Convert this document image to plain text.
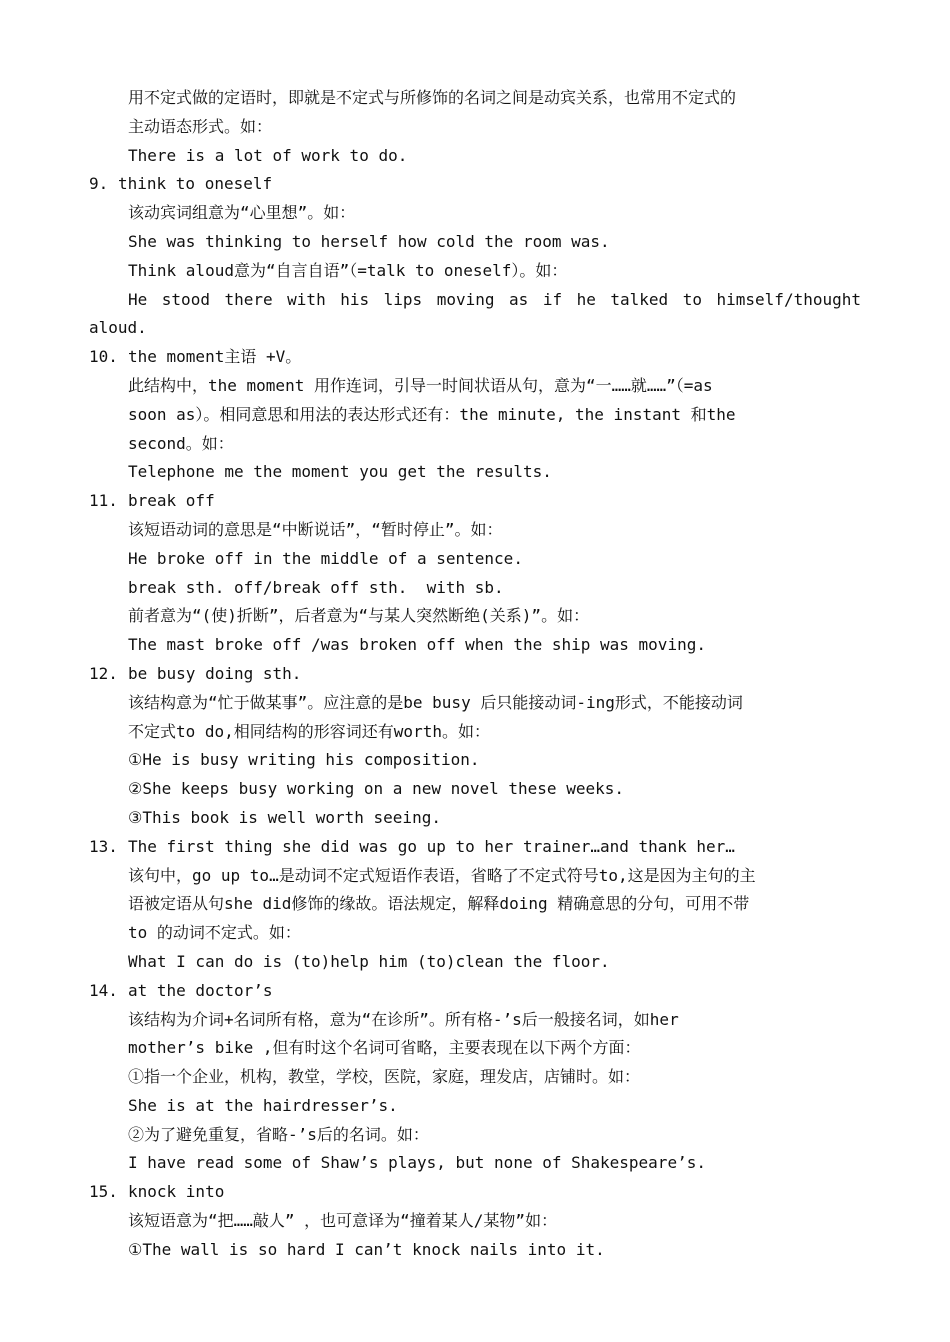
用不定式做的定语时，即就是不定式与所修饰的名词之间是动宾关系，也常用不定式的
主动语态形式。如：
There is a lot of work to do.
9. think to oneself
该动宾词组意为“心里想”。如：
She was thinking to herself how cold the room was.
Think aloud意为“自言自语”（=talk to oneself）。如：
He stood there with his lips moving as if he talked to himself/thought
aloud.
10. the moment主语 +V。
此结构中，the moment 用作连词，引导一时间状语从句，意为“一……就……”（=as
soon as）。相同意思和用法的表达形式还有：the minute, the instant 和the
second。如：
Telephone me the moment you get the results.
11. break off
该短语动词的意思是“中断说话”，“暂时停止”。如：
He broke off in the middle of a sentence.
break sth. off/break off sth.  with sb.
前者意为“(使)折断”，后者意为“与某人突然断绝(关系)”。如：
The mast broke off /was broken off when the ship was moving.
12. be busy doing sth.
该结构意为“忙于做某事”。应注意的是be busy 后只能接动词-ing形式，不能接动词
不定式to do,相同结构的形容词还有worth。如：
①He is busy writing his composition.
②She keeps busy working on a new novel these weeks.
③This book is well worth seeing.
13. The first thing she did was go up to her trainer…and thank her…
该句中，go up to…是动词不定式短语作表语，省略了不定式符号to,这是因为主句的主
语被定语从句she did修饰的缘故。语法规定，解释doing 精确意思的分句，可用不带
to 的动词不定式。如：
What I can do is (to)help him (to)clean the floor.
14. at the doctor’s
该结构为介词+名词所有格，意为“在诊所”。所有格-’s后一般接名词，如her
mother’s bike ,但有时这个名词可省略，主要表现在以下两个方面：
①指一个企业，机构，教堂，学校，医院，家庭，理发店，店铺时。如：
She is at the hairdresser’s.
②为了避免重复，省略-’s后的名词。如：
I have read some of Shaw’s plays, but none of Shakespeare’s.
15. knock into
该短语意为“把……敲人” ，也可意译为“撞着某人/某物”如：
①The wall is so hard I can’t knock nails into it.
